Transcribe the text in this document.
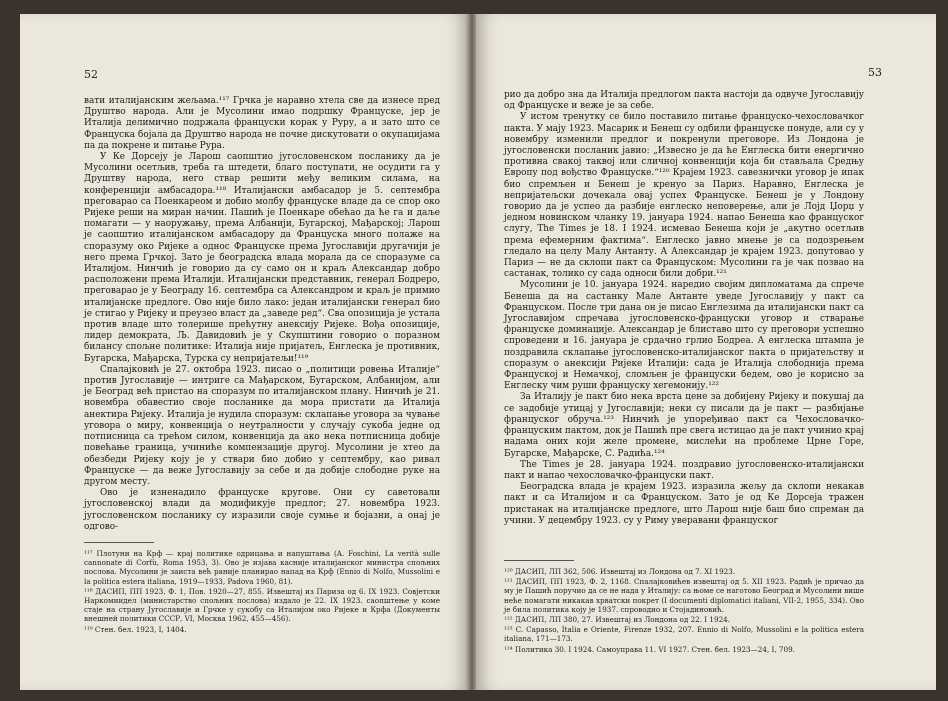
52

вати италијанским жељама.¹¹⁷ Грчка је наравно хтела све да изнесе пред Друштво народа. Али је Мусолини имао подршку Француске, јер је Италија делимично подржала француски корак у Руру, а и зато што се Француска бојала да Друштво народа не почне дискутовати о окупацијама па да покрене и питање Рура.

У Ке Дорсеју је Ларош саопштио југословенском посланику да је Мусолини осетљив, треба га штедети, благо поступати, не осудити га у Друштву народа, него ствар решити међу великим силама, на конференцији амбасадора.¹¹⁸ Италијански амбасадор је 5. септембра преговарао са Поенкареом и добио молбу француске владе да се спор око Ријеке реши на миран начин. Пашић је Поенкаре обећао да ће га и даље помагати — у наоружању, према Албанији, Бугарској, Мађарској; Ларош је саопштио италијанском амбасадору да Француска много полаже на споразуму око Ријеке а однос Француске према Југославији другачији је него према Грчкој. Зато је београдска влада морала да се споразуме са Италијом. Нинчић је говорио да су само он и краљ Александар добро расположени према Италији. Италијански представник, генерал Бодреро, преговарао је у Београду 16. септембра са Александром и краљ је примио италијанске предлоге. Ово није било лако: један италијански генерал био је стигао у Ријеку и преузео власт да „заведе ред“. Сва опозиција је устала против владе што толерише прећутну анексију Ријеке. Вођа опозиције, лидер демократа, Љ. Давидовић је у Скупштини говорио о поразном билансу спољне политике: Италија није пријатељ, Енглеска је противник, Бугарска, Мађарска, Турска су непријатељи!¹¹⁹

Спалајковић је 27. октобра 1923. писао о „политици ровења Италије“ против Југославије — интриге са Мађарском, Бугарском, Албанијом, али је Београд већ пристао на споразум по италијанском плану. Нинчић је 21. новембра обавестио своје посланике да мора пристати да Италија анектира Ријеку. Италија је нудила споразум: склапање уговора за чување уговора о миру, конвенција о неутралности у случају сукоба једне од потписница са трећом силом, конвенција да ако нека потписница добије повећање граница, учиниће компензације другој. Мусолини је хтео да обезбеди Ријеку коју је у ствари био добио у септембру, као ривал Француске — да веже Југославију за себе и да добије слободне руке на другом месту.

Ово је изненадило француске кругове. Они су саветовали југословенској влади да модификује предлог; 27. новембра 1923. југословенском посланику су изразили своје сумње и бојазни, а онај је одгово-

¹¹⁷ Плотуни на Крф — крај политике одрицања и напуштања (A. Foschini, La verità sulle cannonate di Corfù, Roma 1953, 3). Ово је изјава касније италијанског министра спољних послова. Мусолини је заиста већ раније планирао напад на Крф (Ennio di Nolfo, Mussolini e la politica estera italiana, 1919—1933, Padova 1960, 81).

¹¹⁸ ДАСИП, ПП 1923, Ф. 1, Пов. 1920—27, 855. Извештај из Париза од 6. IX 1923. Совјетски Наркомиидел (министарство спољних послова) издало је 22. IX 1923. саопштење у коме стаје на страну Југославије и Грчке у сукобу са Италијом око Ријеке и Крфа (Документы внешней политики СССР, VI, Москва 1962, 455—456).

¹¹⁹ Стен. бел. 1923, I, 1404.

53

рио да добро зна да Италија предлогом пакта настоји да одвуче Југославију од Француске и веже је за себе.

У истом тренутку се било поставило питање француско-чехословачког пакта. У мају 1923. Масарик и Бенеш су одбили француске понуде, али су у новембру изменили предлог и покренули преговоре. Из Лондона је југословенски посланик јавио: „Извесно је да ће Енглеска бити енергично противна свакој таквој или сличној конвенцији која би стављала Средњу Европу под вођство Француске.“¹²⁰ Крајем 1923. савезнички уговор је ипак био спремљен и Бенеш је кренуо за Париз. Наравно, Енглеска је непријатељски дочекала овај успех Француске. Бенеш је у Лондону говорио да је успео да разбије енглеско неповерење, али је Лојд Џорџ у једном новинском чланку 19. јануара 1924. напао Бенеша као француског слугу, The Times је 18. I 1924. исмевао Бенеша који је „акутно осетљив према ефемерним фактима“. Енглеско јавно мнење је са подозрењем гледало на целу Малу Антанту. А Александар је крајем 1923. допутовао у Париз — не да склопи пакт са Француском: Мусолини га је чак позвао на састанак, толико су сада односи били добри.¹²¹

Мусолини је 10. јануара 1924. наредио својим дипломатама да спрече Бенеша да на састанку Мале Антанте уведе Југославију у пакт са Француском. После три дана он је писао Енглезима да италијански пакт са Југославијом спречава југословенско-француски уговор и стварање француске доминације. Александар је блиставо што су преговори успешно спроведени и 16. јануара је срдачно грлио Бодреа. А енглеска штампа је поздравила склапање југословенско-италијанског пакта о пријатељству и споразум о анексији Ријеке Италији: сада је Италија слободнија према Француској и Немачкој, сломљен је француски бедем, ово је корисно за Енглеску чим руши француску хегемонију.¹²²

За Италију је пакт био нека врста цене за добијену Ријеку и покушај да се задобије утицај у Југославији; неки су писали да је пакт — разбијање француског обруча.¹²³ Нинчић је упоређивао пакт са Чехословачко-француским пактом, док је Пашић пре свега истицао да је пакт учинио крај надама оних који желе промене, мислећи на проблеме Црне Горе, Бугарске, Мађарске, С. Радића.¹²⁴

The Times је 28. јануара 1924. поздравио југословенско-италијански пакт и напао чехословачко-француски пакт.

Београдска влада је крајем 1923. изразила жељу да склопи некакав пакт и са Италијом и са Француском. Зато је од Ке Дорсеја тражен пристанак на италијанске предлоге, што Ларош није баш био спреман да учини. У децембру 1923. су у Риму уверавани француског

¹²⁰ ДАСИП, ЛП 362, 506. Извештај из Лондона од 7. XI 1923.

¹²¹ ДАСИП, ПП 1923, Ф. 2, 1168. Спалајковићев извештај од 5. XII 1923. Радић је причао да му је Пашић поручио да се не нада у Италију: са њоме се наготово Београд и Мусолини више неће помагати никакав хрватски покрет (I documenti diplomatici italiani, VII-2, 1955, 334). Ово је била политика коју је 1937. спроводио и Стојадиновић.

¹²² ДАСИП, ЛП 380, 27. Извештај из Лондона од 22. I 1924.

¹²³ C. Capasso, Italia e Oriente, Firenze 1932, 207. Ennio di Nolfo, Mussolini e la politica estera italiana, 171—173.

¹²⁴ Политика 30. I 1924. Самоуправа 11. VI 1927. Стен. бел. 1923—24, I, 709.
